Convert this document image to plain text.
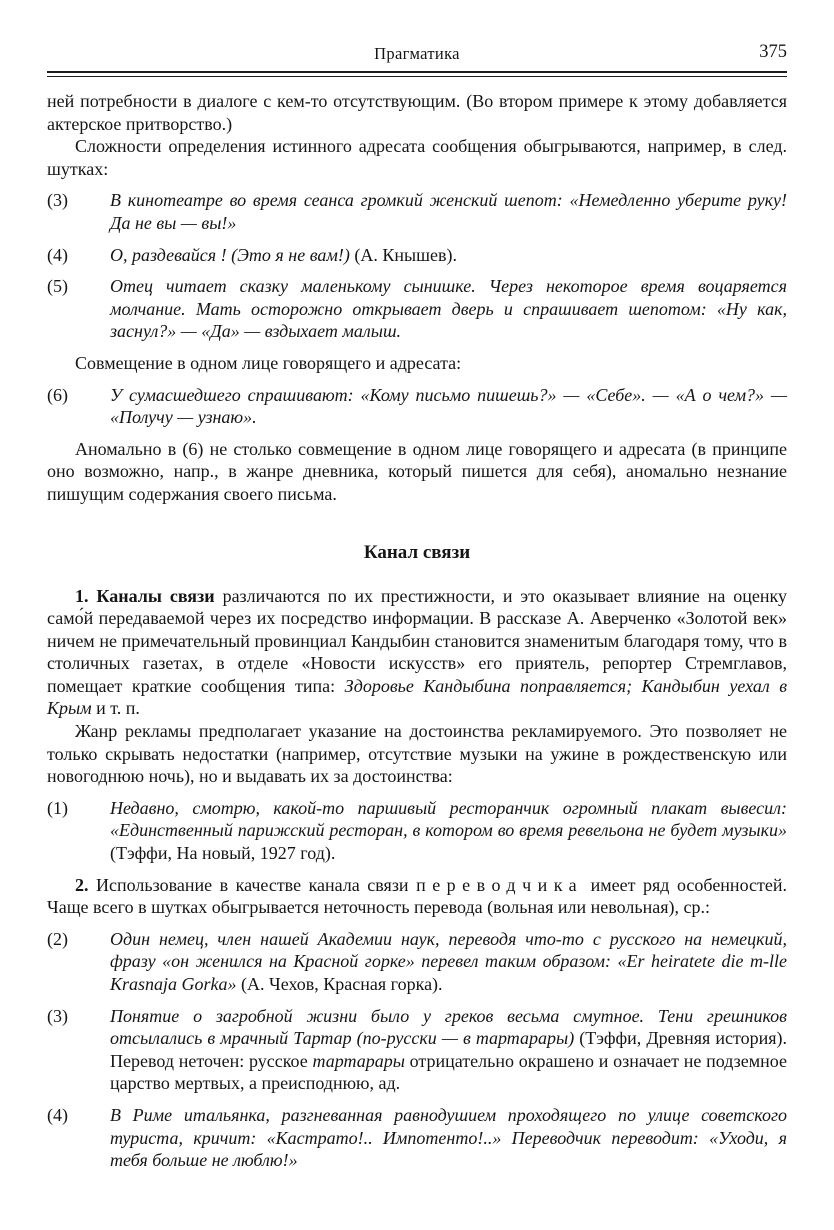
Прагматика	375

ней потребности в диалоге с кем-то отсутствующим. (Во втором примере к этому добавляется актерское притворство.)

Сложности определения истинного адресата сообщения обыгрываются, например, в след. шутках:

(3) В кинотеатре во время сеанса громкий женский шепот: «Немедленно уберите руку! Да не вы — вы!»
(4) О, раздевайся ! (Это я не вам!) (А. Кнышев).
(5) Отец читает сказку маленькому сынишке. Через некоторое время воцаряется молчание. Мать осторожно открывает дверь и спрашивает шепотом: «Ну как, заснул?» — «Да» — вздыхает малыш.

Совмещение в одном лице говорящего и адресата:

(6) У сумасшедшего спрашивают: «Кому письмо пишешь?» — «Себе». — «А о чем?» — «Получу — узнаю».

Аномально в (6) не столько совмещение в одном лице говорящего и адресата (в принципе оно возможно, напр., в жанре дневника, который пишется для себя), аномально незнание пишущим содержания своего письма.

Канал связи

1. Каналы связи различаются по их престижности, и это оказывает влияние на оценку само́й передаваемой через их посредство информации. В рассказе А. Аверченко «Золотой век» ничем не примечательный провинциал Кандыбин становится знаменитым благодаря тому, что в столичных газетах, в отделе «Новости искусств» его приятель, репортер Стремглавов, помещает краткие сообщения типа: Здоровье Кандыбина поправляется; Кандыбин уехал в Крым и т. п.

Жанр рекламы предполагает указание на достоинства рекламируемого. Это позволяет не только скрывать недостатки (например, отсутствие музыки на ужине в рождественскую или новогоднюю ночь), но и выдавать их за достоинства:

(1) Недавно, смотрю, какой-то паршивый ресторанчик огромный плакат вывесил: «Единственный парижский ресторан, в котором во время ревельона не будет музыки» (Тэффи, На новый, 1927 год).

2. Использование в качестве канала связи переводчика имеет ряд особенностей. Чаще всего в шутках обыгрывается неточность перевода (вольная или невольная), ср.:

(2) Один немец, член нашей Академии наук, переводя что-то с русского на немецкий, фразу «он женился на Красной горке» перевел таким образом: «Er heiratete die m-lle Krasnaja Gorka» (А. Чехов, Красная горка).
(3) Понятие о загробной жизни было у греков весьма смутное. Тени грешников отсылались в мрачный Тартар (по-русски — в тартарары) (Тэффи, Древняя история). Перевод неточен: русское тартарары отрицательно окрашено и означает не подземное царство мертвых, а преисподнюю, ад.
(4) В Риме итальянка, разгневанная равнодушием проходящего по улице советского туриста, кричит: «Кастрато!.. Импотенто!..» Переводчик переводит: «Уходи, я тебя больше не люблю!»
